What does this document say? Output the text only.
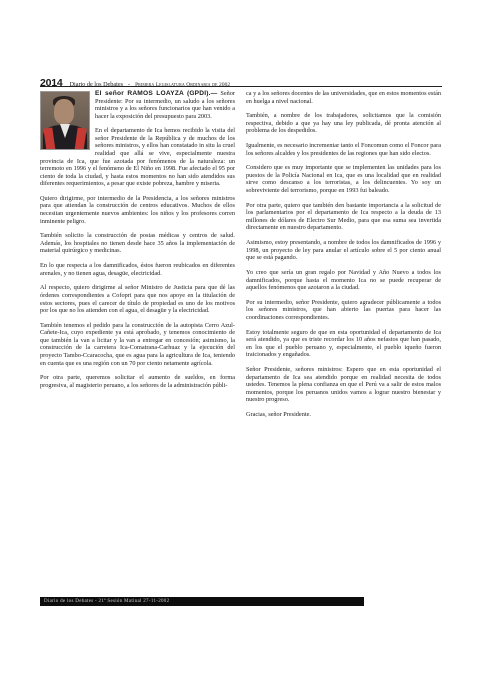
2014 Diario de los Debates - Primera Legislatura Ordinaria de 2002

El señor RAMOS LOAYZA (GPDI).— Señor Presidente: Por su intermedio, un saludo a los señores ministros y a los señores funcionarios que han venido a hacer la exposición del presupuesto para 2003.

En el departamento de Ica hemos recibido la visita del señor Presidente de la República y de muchos de los señores ministros, y ellos han constatado in situ la cruel realidad que allá se vive, especialmente nuestra provincia de Ica, que fue azotada por fenómenos de la naturaleza: un terremoto en 1996 y el fenómeno de El Niño en 1998. Fue afectado el 95 por ciento de toda la ciudad, y hasta estos momentos no han sido atendidos sus diferentes requerimientos, a pesar que existe pobreza, hambre y miseria.

Quiero dirigirme, por intermedio de la Presidencia, a los señores ministros para que atiendan la construcción de centros educativos. Muchos de ellos necesitan urgentemente nuevos ambientes: los niños y los profesores corren inminente peligro.

También solicito la construcción de postas médicas y centros de salud. Además, los hospitales no tienen desde hace 35 años la implementación de material quirúrgico y medicinas.

En lo que respecta a los damnificados, éstos fueron reubicados en diferentes arenales, y no tienen agua, desagüe, electricidad.

Al respecto, quiero dirigirme al señor Ministro de Justicia para que dé las órdenes correspondientes a Cofopri para que nos apoye en la titulación de estos sectores, pues el carecer de título de propiedad es uno de los motivos por los que no los atienden con el agua, el desagüe y la electricidad.

También tenemos el pedido para la construcción de la autopista Cerro Azul-Cañete-Ica, cuyo expediente ya está aprobado, y tenemos conocimiento de que también la van a licitar y la van a entregar en concesión; asimismo, la construcción de la carretera Ica-Comatrana-Carhuaz y la ejecución del proyecto Tambo-Ccaracocha, que es agua para la agricultura de Ica, teniendo en cuenta que es una región con un 70 por ciento netamente agrícola.

Por otra parte, queremos solicitar el aumento de sueldos, en forma progresiva, al magisterio peruano, a los señores de la administración públi-

ca y a los señores docentes de las universidades, que en estos momentos están en huelga a nivel nacional.

También, a nombre de los trabajadores, solicitamos que la comisión respectiva, debido a que ya hay una ley publicada, dé pronta atención al problema de los despedidos.

Igualmente, es necesario incrementar tanto el Foncomun como el Foncor para los señores alcaldes y los presidentes de las regiones que han sido electos.

Considero que es muy importante que se implementen las unidades para los puestos de la Policía Nacional en Ica, que es una localidad que en realidad sirve como descanso a los terroristas, a los delincuentes. Yo soy un sobreviviente del terrorismo, porque en 1993 fui baleado.

Por otra parte, quiero que también den bastante importancia a la solicitud de los parlamentarios por el departamento de Ica respecto a la deuda de 13 millones de dólares de Electro Sur Medio, para que esa suma sea invertida directamente en nuestro departamento.

Asimismo, estoy presentando, a nombre de todos los damnificados de 1996 y 1998, un proyecto de ley para anular el artículo sobre el 5 por ciento anual que se está pagando.

Yo creo que sería un gran regalo por Navidad y Año Nuevo a todos los damnificados, porque hasta el momento Ica no se puede recuperar de aquellos fenómenos que azotaron a la ciudad.

Por su intermedio, señor Presidente, quiero agradecer públicamente a todos los señores ministros, que han abierto las puertas para hacer las coordinaciones correspondientes.

Estoy totalmente seguro de que en esta oportunidad el departamento de Ica será atendido, ya que es triste recordar los 10 años nefastos que han pasado, en los que el pueblo peruano y, especialmente, el pueblo iqueño fueron traicionados y engañados.

Señor Presidente, señores ministros: Espero que en esta oportunidad el departamento de Ica sea atendido porque en realidad necesita de todos ustedes. Tenemos la plena confianza en que el Perú va a salir de estos malos momentos, porque los peruanos unidos vamos a lograr nuestro bienestar y nuestro progreso.

Gracias, señor Presidente.

Diario de los Debates - 21ª Sesión Matinal 27-11-2002
